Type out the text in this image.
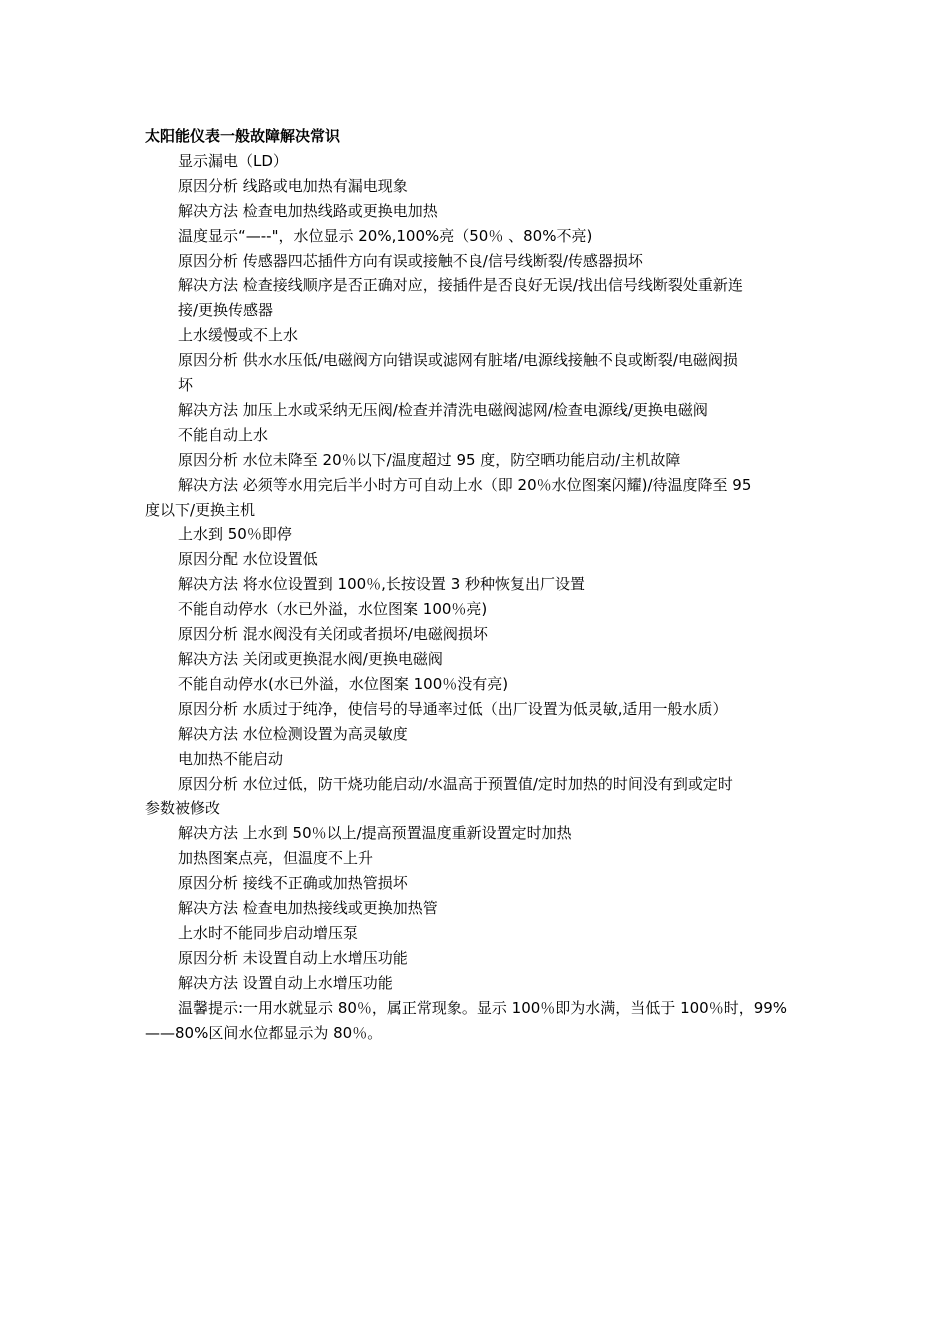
太阳能仪表一般故障解决常识
显示漏电（LD）
原因分析 线路或电加热有漏电现象
解决方法 检查电加热线路或更换电加热
温度显示“—--"，水位显示 20%,100%亮（50％ 、80%不亮)
原因分析 传感器四芯插件方向有误或接触不良/信号线断裂/传感器损坏
解决方法 检查接线顺序是否正确对应，接插件是否良好无误/找出信号线断裂处重新连
接/更换传感器
上水缓慢或不上水
原因分析 供水水压低/电磁阀方向错误或滤网有脏堵/电源线接触不良或断裂/电磁阀损
坏
解决方法 加压上水或采纳无压阀/检查并清洗电磁阀滤网/检查电源线/更换电磁阀
不能自动上水
原因分析 水位未降至 20％以下/温度超过 95 度，防空晒功能启动/主机故障
解决方法 必须等水用完后半小时方可自动上水（即 20％水位图案闪耀)/待温度降至 95
度以下/更换主机
上水到 50％即停
原因分配 水位设置低
解决方法 将水位设置到 100％,长按设置 3 秒种恢复出厂设置
不能自动停水（水已外溢，水位图案 100％亮)
原因分析 混水阀没有关闭或者损坏/电磁阀损坏
解决方法 关闭或更换混水阀/更换电磁阀
不能自动停水(水已外溢，水位图案 100％没有亮)
原因分析 水质过于纯净，使信号的导通率过低（出厂设置为低灵敏,适用一般水质）
解决方法 水位检测设置为高灵敏度
电加热不能启动
原因分析 水位过低，防干烧功能启动/水温高于预置值/定时加热的时间没有到或定时
参数被修改
解决方法 上水到 50％以上/提高预置温度重新设置定时加热
加热图案点亮，但温度不上升
原因分析 接线不正确或加热管损坏
解决方法 检查电加热接线或更换加热管
上水时不能同步启动增压泵
原因分析 未设置自动上水增压功能
解决方法 设置自动上水增压功能
温馨提示:一用水就显示 80％，属正常现象。显示 100％即为水满，当低于 100％时，99%——80%区间水位都显示为 80％。
